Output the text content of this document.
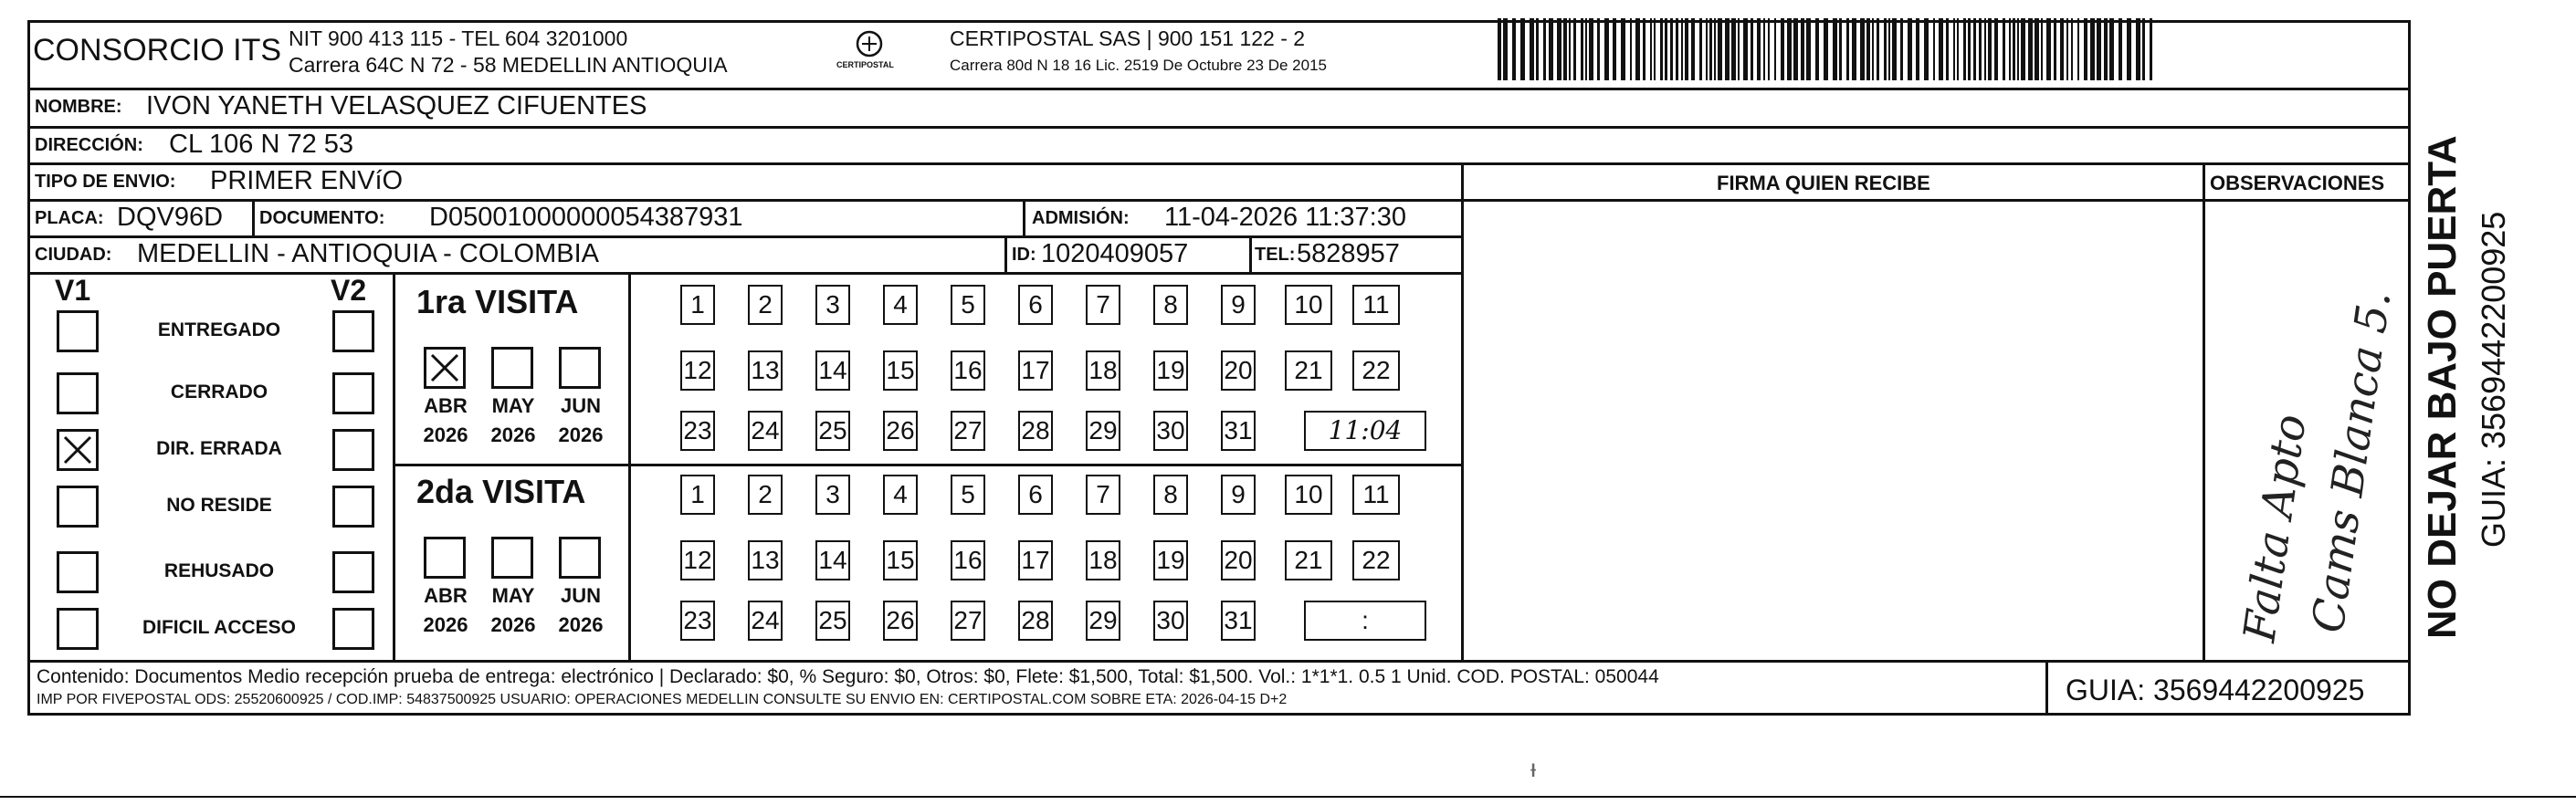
CONSORCIO ITS NIT 900 413 115 - TEL 604 3201000
Carrera 64C N 72 - 58 MEDELLIN ANTIOQUIA	CERTIPOSTAL
CERTIPOSTAL SAS | 900 151 122 - 2
Carrera 80d N 18 16 Lic. 2519 De Octubre 23 De 2015
NOMBRE: IVON YANETH VELASQUEZ CIFUENTES
DIRECCIÓN: CL 106 N 72 53
TIPO DE ENVIO: PRIMER ENVíO
PLACA: DQV96D DOCUMENTO: D05001000000054387931	ADMISIÓN: 11-04-2026 11:37:30
CIUDAD: MEDELLIN - ANTIOQUIA - COLOMBIA	ID: 1020409057	TEL: 5828957
FIRMA QUIEN RECIBE	OBSERVACIONES
V1	V2
ENTREGADO
CERRADO
DIR. ERRADA
NO RESIDE
REHUSADO
DIFICIL ACCESO
1ra VISITA
2da VISITA
1	2	3	4	5	6	7	8	9	10	11
12 13 14 15 16 17 18 19 20	21	22
23 24 25 26 27 28 29 30 31	11:04
ABR
2026
MAY
2026
JUN
2026
1	2	3	4	5	6	7	8	9	10	11
12 13 14 15 16 17 18 19 20	21	22
23 24 25 26 27 28 29 30 31	:
ABR
2026
MAY
2026
JUN
2026	Falta Apto
Cams Blanca 5.
Contenido: Documentos Medio recepción prueba de entrega: electrónico | Declarado: $0, % Seguro: $0, Otros: $0, Flete: $1,500, Total: $1,500. Vol.: 1*1*1. 0.5 1 Unid. COD. POSTAL: 050044
IMP POR FIVEPOSTAL ODS: 25520600925 / COD.IMP: 54837500925 USUARIO: OPERACIONES MEDELLIN CONSULTE SU ENVIO EN: CERTIPOSTAL.COM SOBRE ETA: 2026-04-15 D+2	GUIA: 3569442200925
NO DEJAR BAJO PUERTA GUIA: 3569442200925
ᵼ
